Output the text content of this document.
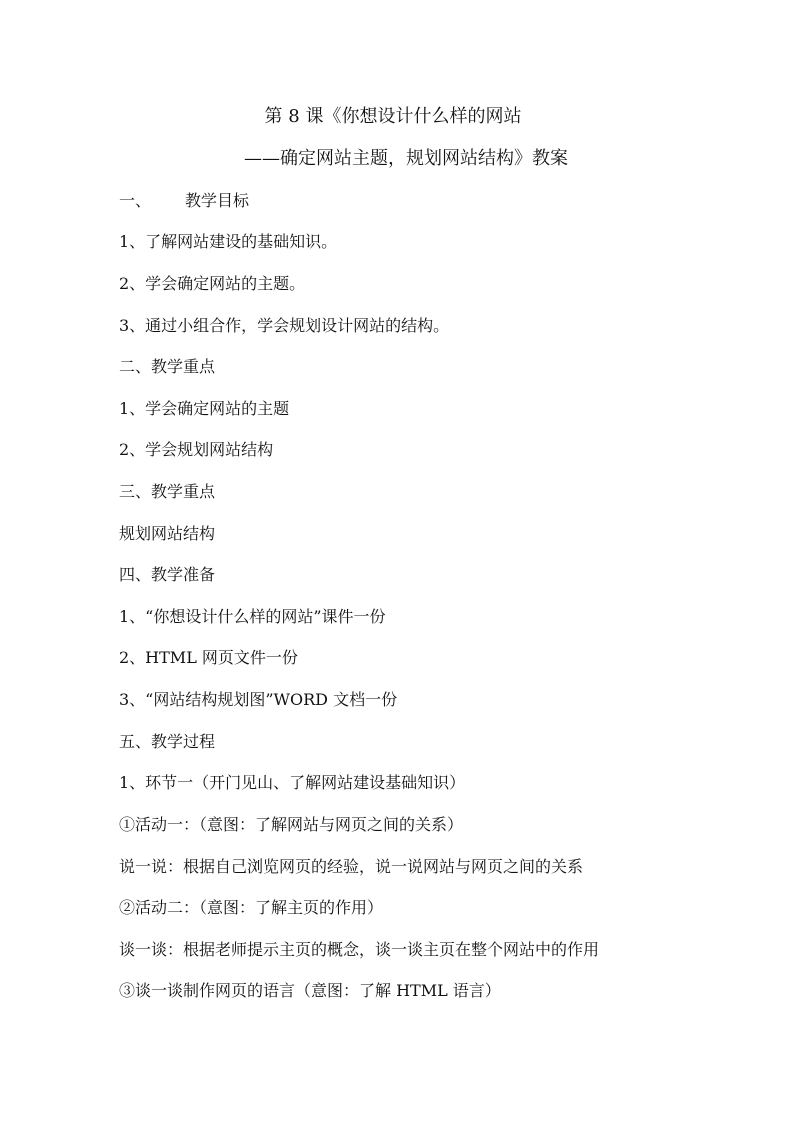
第 8 课《你想设计什么样的网站
——确定网站主题，规划网站结构》教案
一、 教学目标
1、了解网站建设的基础知识。
2、学会确定网站的主题。
3、通过小组合作，学会规划设计网站的结构。
二、教学重点
1、学会确定网站的主题
2、学会规划网站结构
三、教学重点
规划网站结构
四、教学准备
1、“你想设计什么样的网站”课件一份
2、HTML 网页文件一份
3、“网站结构规划图”WORD 文档一份
五、教学过程
1、环节一（开门见山、了解网站建设基础知识）
①活动一：（意图：了解网站与网页之间的关系）
说一说：根据自己浏览网页的经验，说一说网站与网页之间的关系
②活动二：（意图：了解主页的作用）
谈一谈：根据老师提示主页的概念，谈一谈主页在整个网站中的作用
③谈一谈制作网页的语言（意图：了解 HTML 语言）
